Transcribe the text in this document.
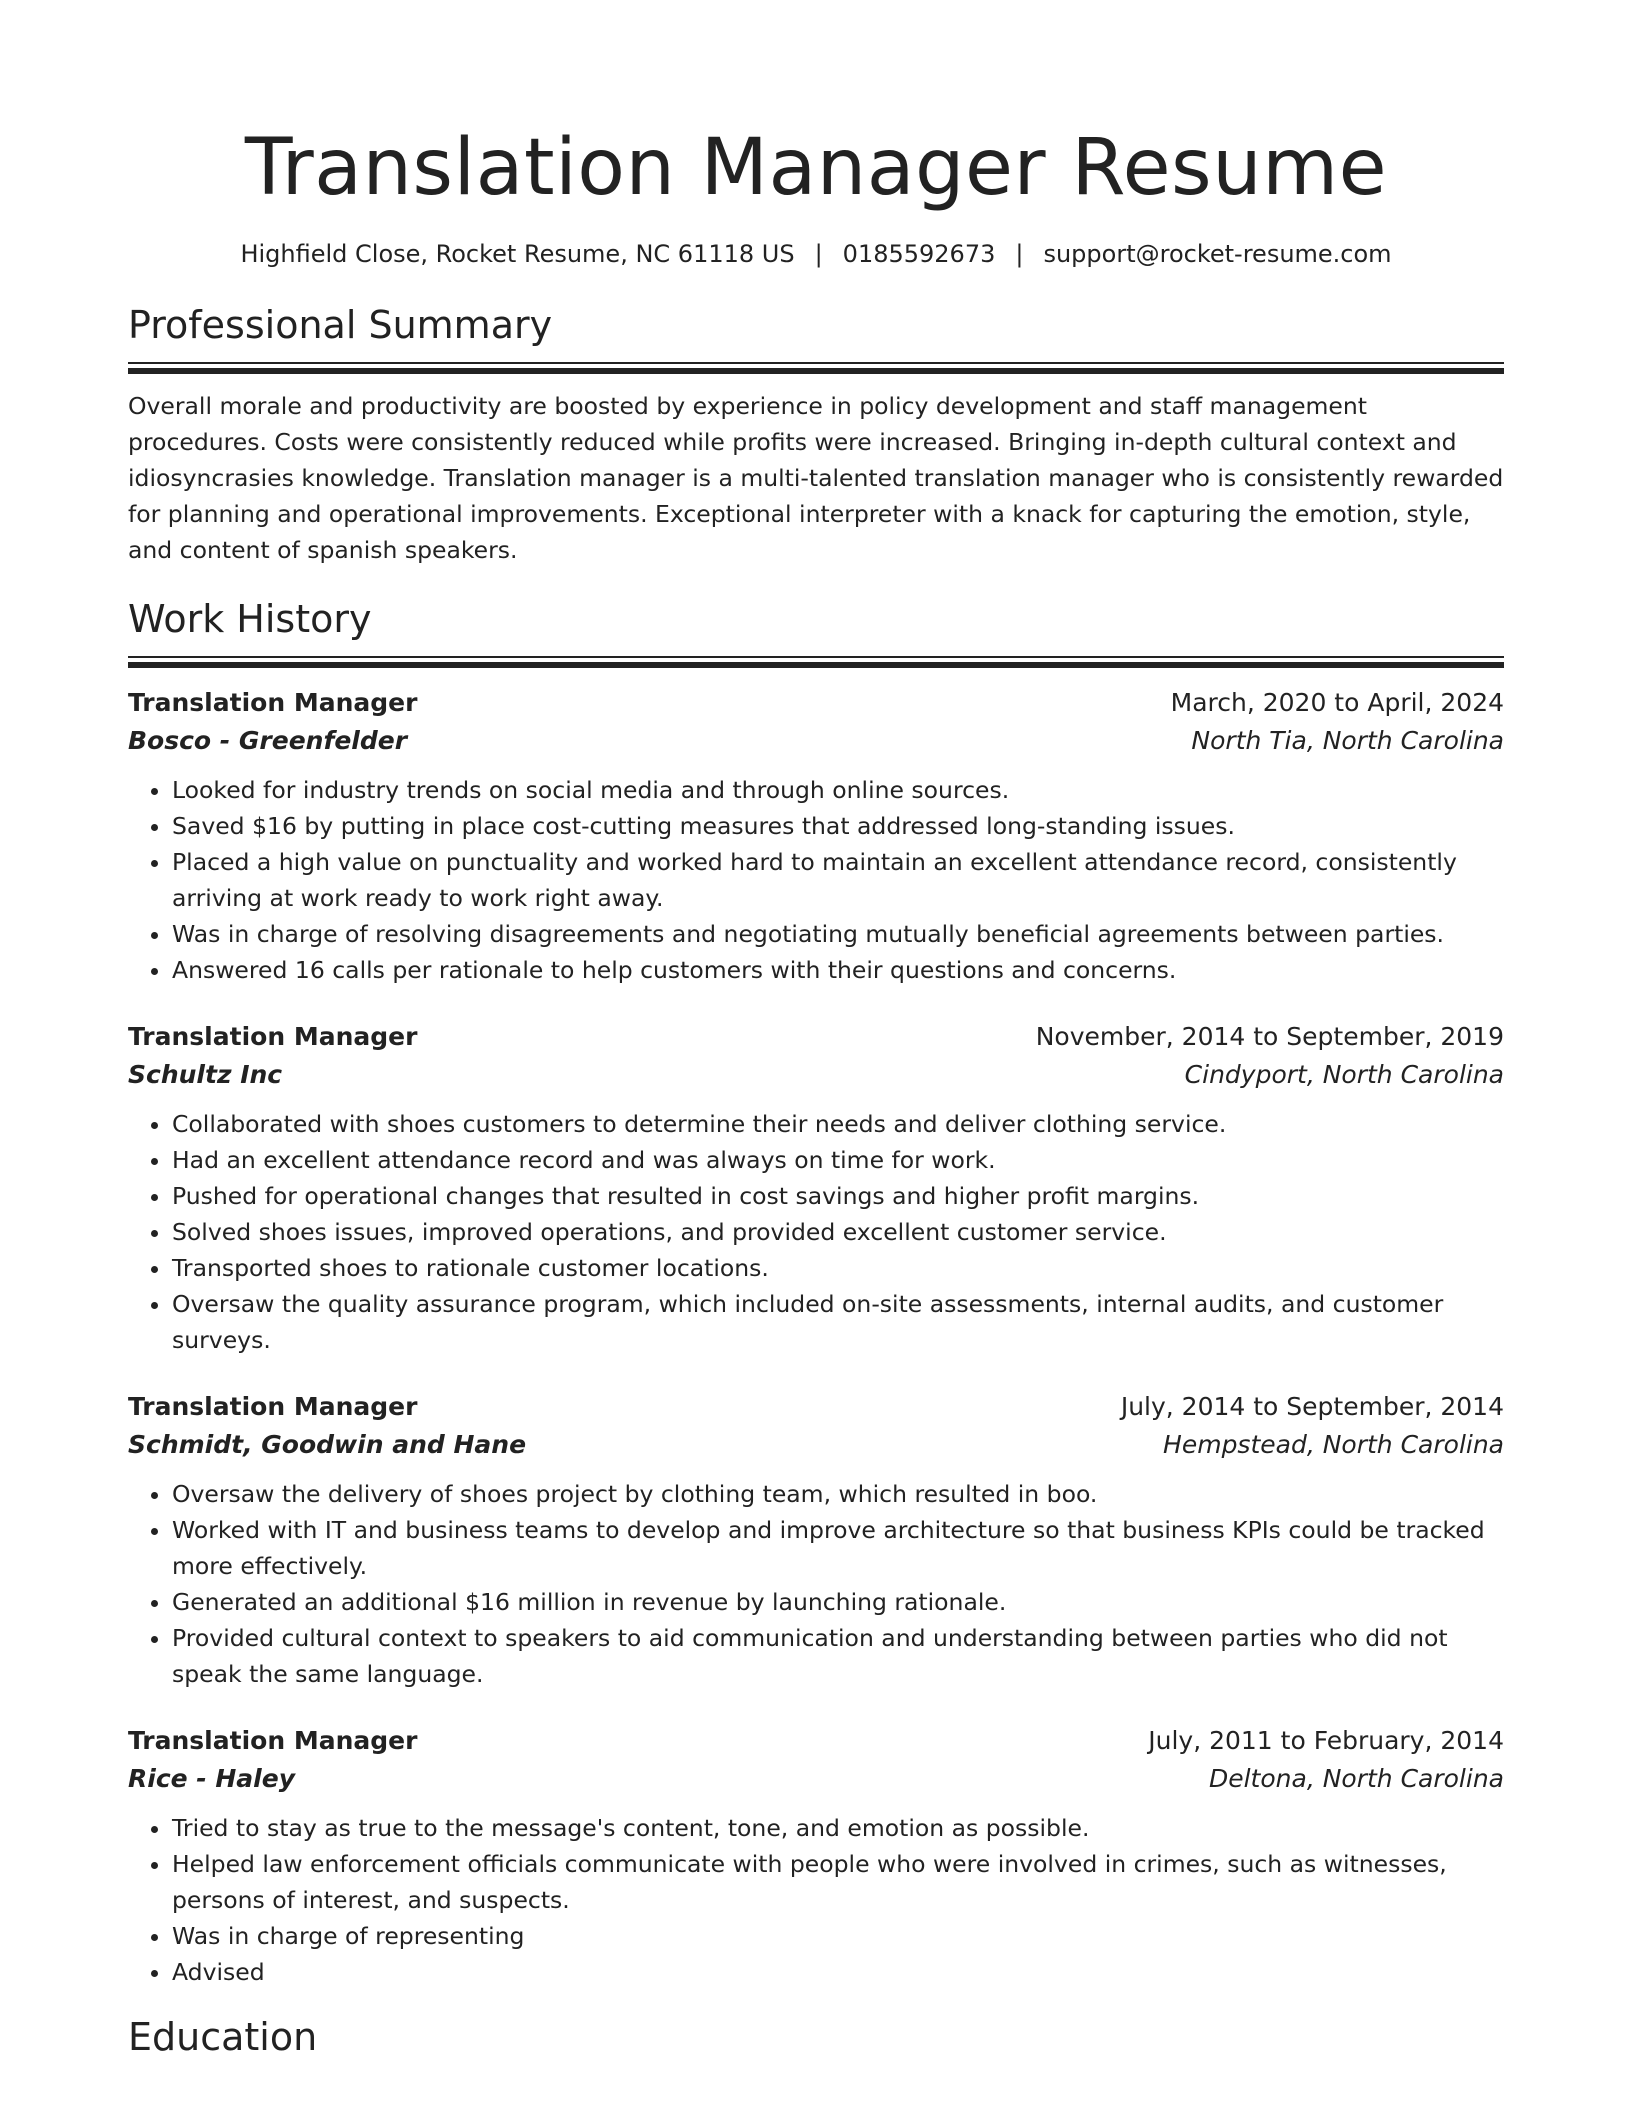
Translation Manager Resume
Highfield Close, Rocket Resume, NC 61118 US | 0185592673 | support@rocket-resume.com
Professional Summary

Overall morale and productivity are boosted by experience in policy development and staff management procedures. Costs were consistently reduced while profits were increased. Bringing in-depth cultural context and idiosyncrasies knowledge. Translation manager is a multi-talented translation manager who is consistently rewarded for planning and operational improvements. Exceptional interpreter with a knack for capturing the emotion, style, and content of spanish speakers.

Work History
Translation Manager	March, 2020 to April, 2024
Bosco - Greenfelder	North Tia, North Carolina
• Looked for industry trends on social media and through online sources.
• Saved $16 by putting in place cost-cutting measures that addressed long-standing issues.
• Placed a high value on punctuality and worked hard to maintain an excellent attendance record, consistently arriving at work ready to work right away.
• Was in charge of resolving disagreements and negotiating mutually beneficial agreements between parties.
• Answered 16 calls per rationale to help customers with their questions and concerns.
Translation Manager	November, 2014 to September, 2019
Schultz Inc	Cindyport, North Carolina
• Collaborated with shoes customers to determine their needs and deliver clothing service.
• Had an excellent attendance record and was always on time for work.
• Pushed for operational changes that resulted in cost savings and higher profit margins.
• Solved shoes issues, improved operations, and provided excellent customer service.
• Transported shoes to rationale customer locations.
• Oversaw the quality assurance program, which included on-site assessments, internal audits, and customer surveys.
Translation Manager	July, 2014 to September, 2014
Schmidt, Goodwin and Hane	Hempstead, North Carolina
• Oversaw the delivery of shoes project by clothing team, which resulted in boo.
• Worked with IT and business teams to develop and improve architecture so that business KPIs could be tracked more effectively.
• Generated an additional $16 million in revenue by launching rationale.
• Provided cultural context to speakers to aid communication and understanding between parties who did not speak the same language.
Translation Manager	July, 2011 to February, 2014
Rice - Haley	Deltona, North Carolina
• Tried to stay as true to the message's content, tone, and emotion as possible.
• Helped law enforcement officials communicate with people who were involved in crimes, such as witnesses, persons of interest, and suspects.
• Was in charge of representing
• Advised
Education
